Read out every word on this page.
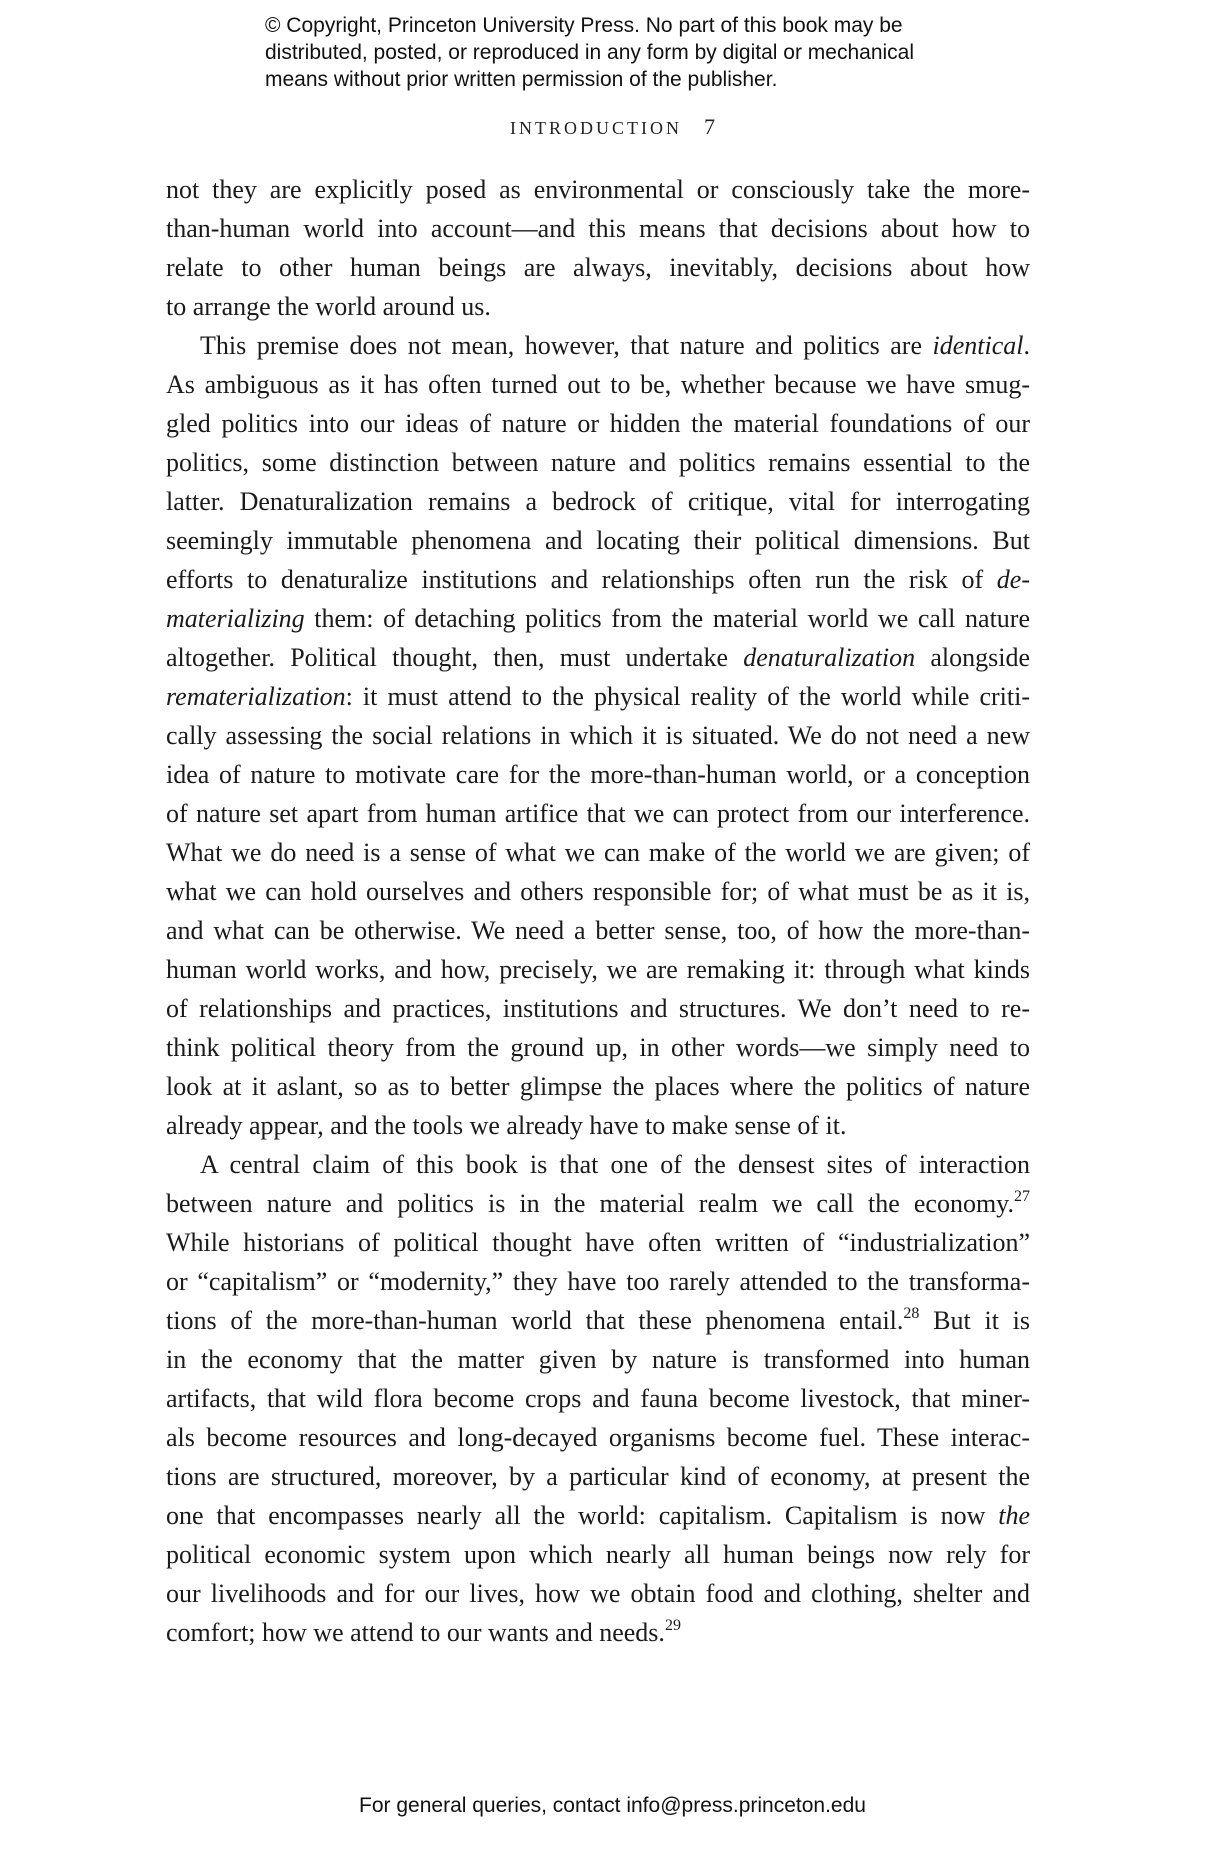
© Copyright, Princeton University Press. No part of this book may be

distributed, posted, or reproduced in any form by digital or mechanical

means without prior written permission of the publisher.

INTRODUCTION 7
not they are explicitly posed as environmental or consciously take the more-
than-human world into account—and this means that decisions about how to
relate to other human beings are always, inevitably, decisions about how
to arrange the world around us.
This premise does not mean, however, that nature and politics are identical.
As ambiguous as it has often turned out to be, whether because we have smug-
gled politics into our ideas of nature or hidden the material foundations of our
politics, some distinction between nature and politics remains essential to the
latter. Denaturalization remains a bedrock of critique, vital for interrogating
seemingly immutable phenomena and locating their political dimensions. But
efforts to denaturalize institutions and relationships often run the risk of de-
materializing them: of detaching politics from the material world we call nature
altogether. Political thought, then, must undertake denaturalization alongside
rematerialization: it must attend to the physical reality of the world while criti-
cally assessing the social relations in which it is situated. We do not need a new
idea of nature to motivate care for the more-than-human world, or a conception
of nature set apart from human artifice that we can protect from our interference.
What we do need is a sense of what we can make of the world we are given; of
what we can hold ourselves and others responsible for; of what must be as it is,
and what can be otherwise. We need a better sense, too, of how the more-than-
human world works, and how, precisely, we are remaking it: through what kinds
of relationships and practices, institutions and structures. We don’t need to re-
think political theory from the ground up, in other words—we simply need to
look at it aslant, so as to better glimpse the places where the politics of nature
already appear, and the tools we already have to make sense of it.
A central claim of this book is that one of the densest sites of interaction
between nature and politics is in the material realm we call the economy.$^{27}$
While historians of political thought have often written of “industrialization”
or “capitalism” or “modernity,” they have too rarely attended to the transforma-
tions of the more-than-human world that these phenomena entail.$^{28}$ But it is
in the economy that the matter given by nature is transformed into human
artifacts, that wild flora become crops and fauna become livestock, that miner-
als become resources and long-decayed organisms become fuel. These interac-
tions are structured, moreover, by a particular kind of economy, at present the
one that encompasses nearly all the world: capitalism. Capitalism is now the
political economic system upon which nearly all human beings now rely for
our livelihoods and for our lives, how we obtain food and clothing, shelter and
comfort; how we attend to our wants and needs.$^{29}$
For general queries, contact info@press.princeton.edu
